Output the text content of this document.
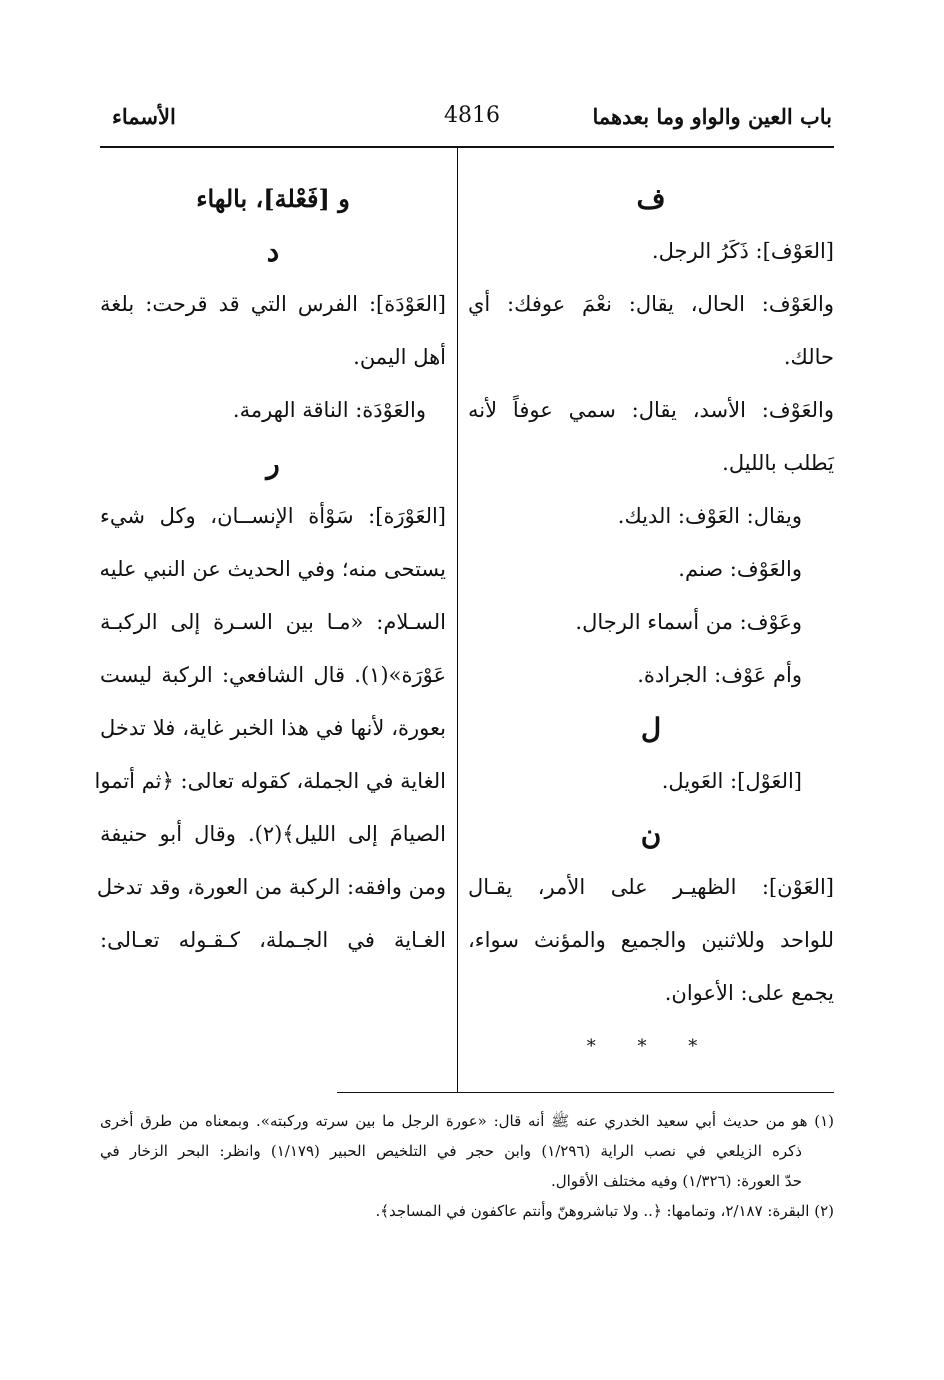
باب العين والواو وما بعدهما
4816
الأسماء
ف
[العَوْف]: ذَكَرُ الرجل.
والعَوْف: الحال، يقال: نعْمَ عوفك: أي
حالك.
والعَوْف: الأسد، يقال: سمي عوفاً لأنه
يَطلب بالليل.
ويقال: العَوْف: الديك.
والعَوْف: صنم.
وعَوْف: من أسماء الرجال.
وأم عَوْف: الجرادة.
ل
[العَوْل]: العَويل.
ن
[العَوْن]: الظهيـر على الأمر، يقـال
للواحد وللاثنين والجميع والمؤنث سواء،
يجمع على: الأعوان.
* * *
و [فَعْلة]، بالهاء
د
[العَوْدَة]: الفرس التي قد قرحت: بلغة
أهل اليمن.
والعَوْدَة: الناقة الهرمة.
ر
[العَوْرَة]: سَوْأة الإنســان، وكل شيء
يستحى منه؛ وفي الحديث عن النبي عليه
السـلام: «مـا بين السـرة إلى الركبـة
عَوْرَة»(١). قال الشافعي: الركبة ليست
بعورة، لأنها في هذا الخبر غاية، فلا تدخل
الغاية في الجملة، كقوله تعالى: ﴿ثم أتموا
الصيامَ إلى الليل﴾(٢). وقال أبو حنيفة
ومن وافقه: الركبة من العورة، وقد تدخل
الغـاية في الجـملة، كـقـوله تعـالى:
(١) هو من حديث أبي سعيد الخدري عنه ﷺ أنه قال: «عورة الرجل ما بين سرته وركبته». وبمعناه من طرق أخرى
ذكره الزيلعي في نصب الراية (١/٢٩٦) وابن حجر في التلخيص الحبير (١/١٧٩) وانظر: البحر الزخار في
حدّ العورة: (١/٣٢٦) وفيه مختلف الأقوال.
(٢) البقرة: ٢/١٨٧، وتمامها: ﴿.. ولا تباشروهنّ وأنتم عاكفون في المساجد﴾.
